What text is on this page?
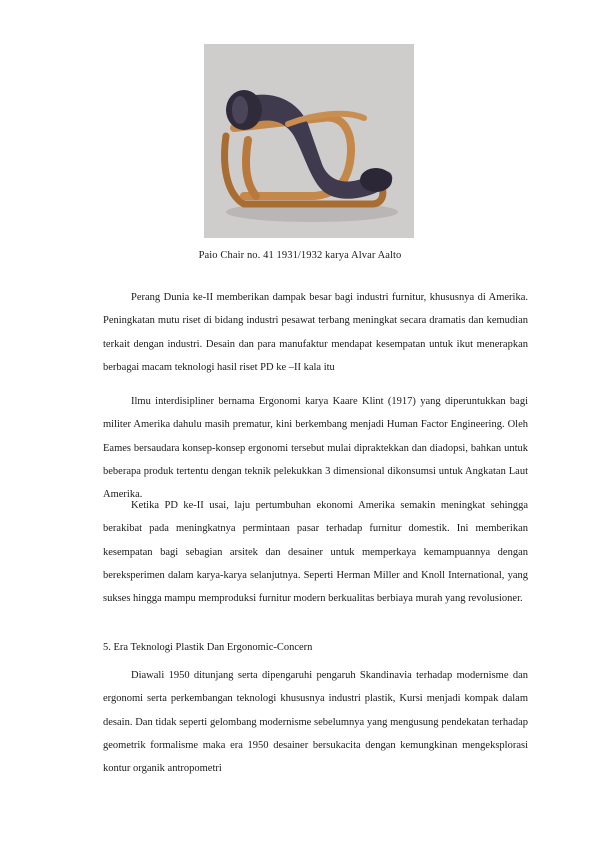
Paio Chair no. 41 1931/1932 karya Alvar Aalto

Perang Dunia ke-II memberikan dampak besar bagi industri furnitur, khususnya di Amerika. Peningkatan mutu riset di bidang industri pesawat terbang meningkat secara dramatis dan kemudian terkait dengan industri. Desain dan para manufaktur mendapat kesempatan untuk ikut menerapkan berbagai macam teknologi hasil riset PD ke –II kala itu

Ilmu interdisipliner bernama Ergonomi karya Kaare Klint (1917) yang diperuntukkan bagi militer Amerika dahulu masih prematur, kini berkembang menjadi Human Factor Engineering. Oleh Eames bersaudara konsep-konsep ergonomi tersebut mulai dipraktekkan dan diadopsi, bahkan untuk beberapa produk tertentu dengan teknik pelekukkan 3 dimensional dikonsumsi untuk Angkatan Laut Amerika.

Ketika PD ke-II usai, laju pertumbuhan ekonomi Amerika semakin meningkat sehingga berakibat pada meningkatnya permintaan pasar terhadap furnitur domestik. Ini memberikan kesempatan bagi sebagian arsitek dan desainer untuk memperkaya kemampuannya dengan bereksperimen dalam karya-karya selanjutnya. Seperti Herman Miller and Knoll International, yang sukses hingga mampu memproduksi furnitur modern berkualitas berbiaya murah yang revolusioner.

5. Era Teknologi Plastik Dan Ergonomic-Concern

Diawali 1950 ditunjang serta dipengaruhi pengaruh Skandinavia terhadap modernisme dan ergonomi serta perkembangan teknologi khususnya industri plastik, Kursi menjadi kompak dalam desain. Dan tidak seperti gelombang modernisme sebelumnya yang mengusung pendekatan terhadap geometrik formalisme maka era 1950 desainer bersukacita dengan kemungkinan mengeksplorasi kontur organik antropometri
